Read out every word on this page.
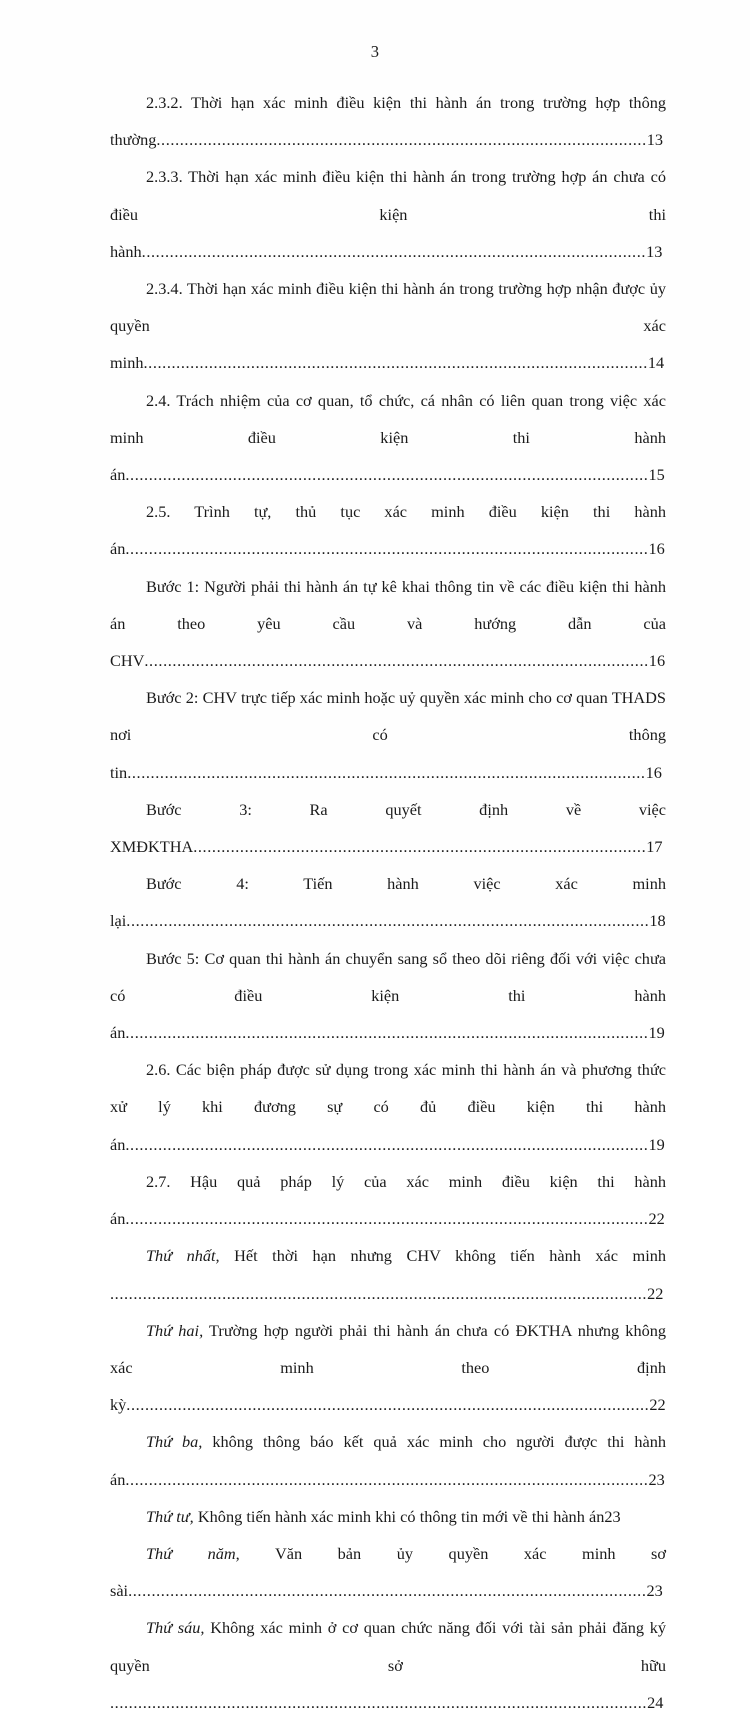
3

2.3.2. Thời hạn xác minh điều kiện thi hành án trong trường hợp thông thường.........................................................................................................13

2.3.3. Thời hạn xác minh điều kiện thi hành án trong trường hợp án chưa có điều kiện thi hành............................................................................................................13

2.3.4. Thời hạn xác minh điều kiện thi hành án trong trường hợp nhận được ủy quyền xác minh............................................................................................................14

2.4. Trách nhiệm của cơ quan, tổ chức, cá nhân có liên quan trong việc xác minh điều kiện thi hành án................................................................................................................15

2.5. Trình tự, thủ tục xác minh điều kiện thi hành án................................................................................................................16

Bước 1: Người phải thi hành án tự kê khai thông tin về các điều kiện thi hành án theo yêu cầu và hướng dẫn của CHV............................................................................................................16

Bước 2: CHV trực tiếp xác minh hoặc uỷ quyền xác minh cho cơ quan THADS nơi có thông tin...............................................................................................................16

Bước 3: Ra quyết định về việc XMĐKTHA.................................................................................................17

Bước 4: Tiến hành việc xác minh lại................................................................................................................18

Bước 5: Cơ quan thi hành án chuyển sang sổ theo dõi riêng đối với việc chưa có điều kiện thi hành án................................................................................................................19

2.6. Các biện pháp được sử dụng trong xác minh thi hành án và phương thức xử lý khi đương sự có đủ điều kiện thi hành án................................................................................................................19

2.7. Hậu quả pháp lý của xác minh điều kiện thi hành án................................................................................................................22

Thứ nhất, Hết thời hạn nhưng CHV không tiến hành xác minh ...................................................................................................................22

Thứ hai, Trường hợp người phải thi hành án chưa có ĐKTHA nhưng không xác minh theo định kỳ................................................................................................................22

Thứ ba, không thông báo kết quả xác minh cho người được thi hành án................................................................................................................23

Thứ tư, Không tiến hành xác minh khi có thông tin mới về thi hành án23

Thứ năm, Văn bản ủy quyền xác minh sơ sài...............................................................................................................23

Thứ sáu, Không xác minh ở cơ quan chức năng đối với tài sản phải đăng ký quyền sở hữu ...................................................................................................................24
